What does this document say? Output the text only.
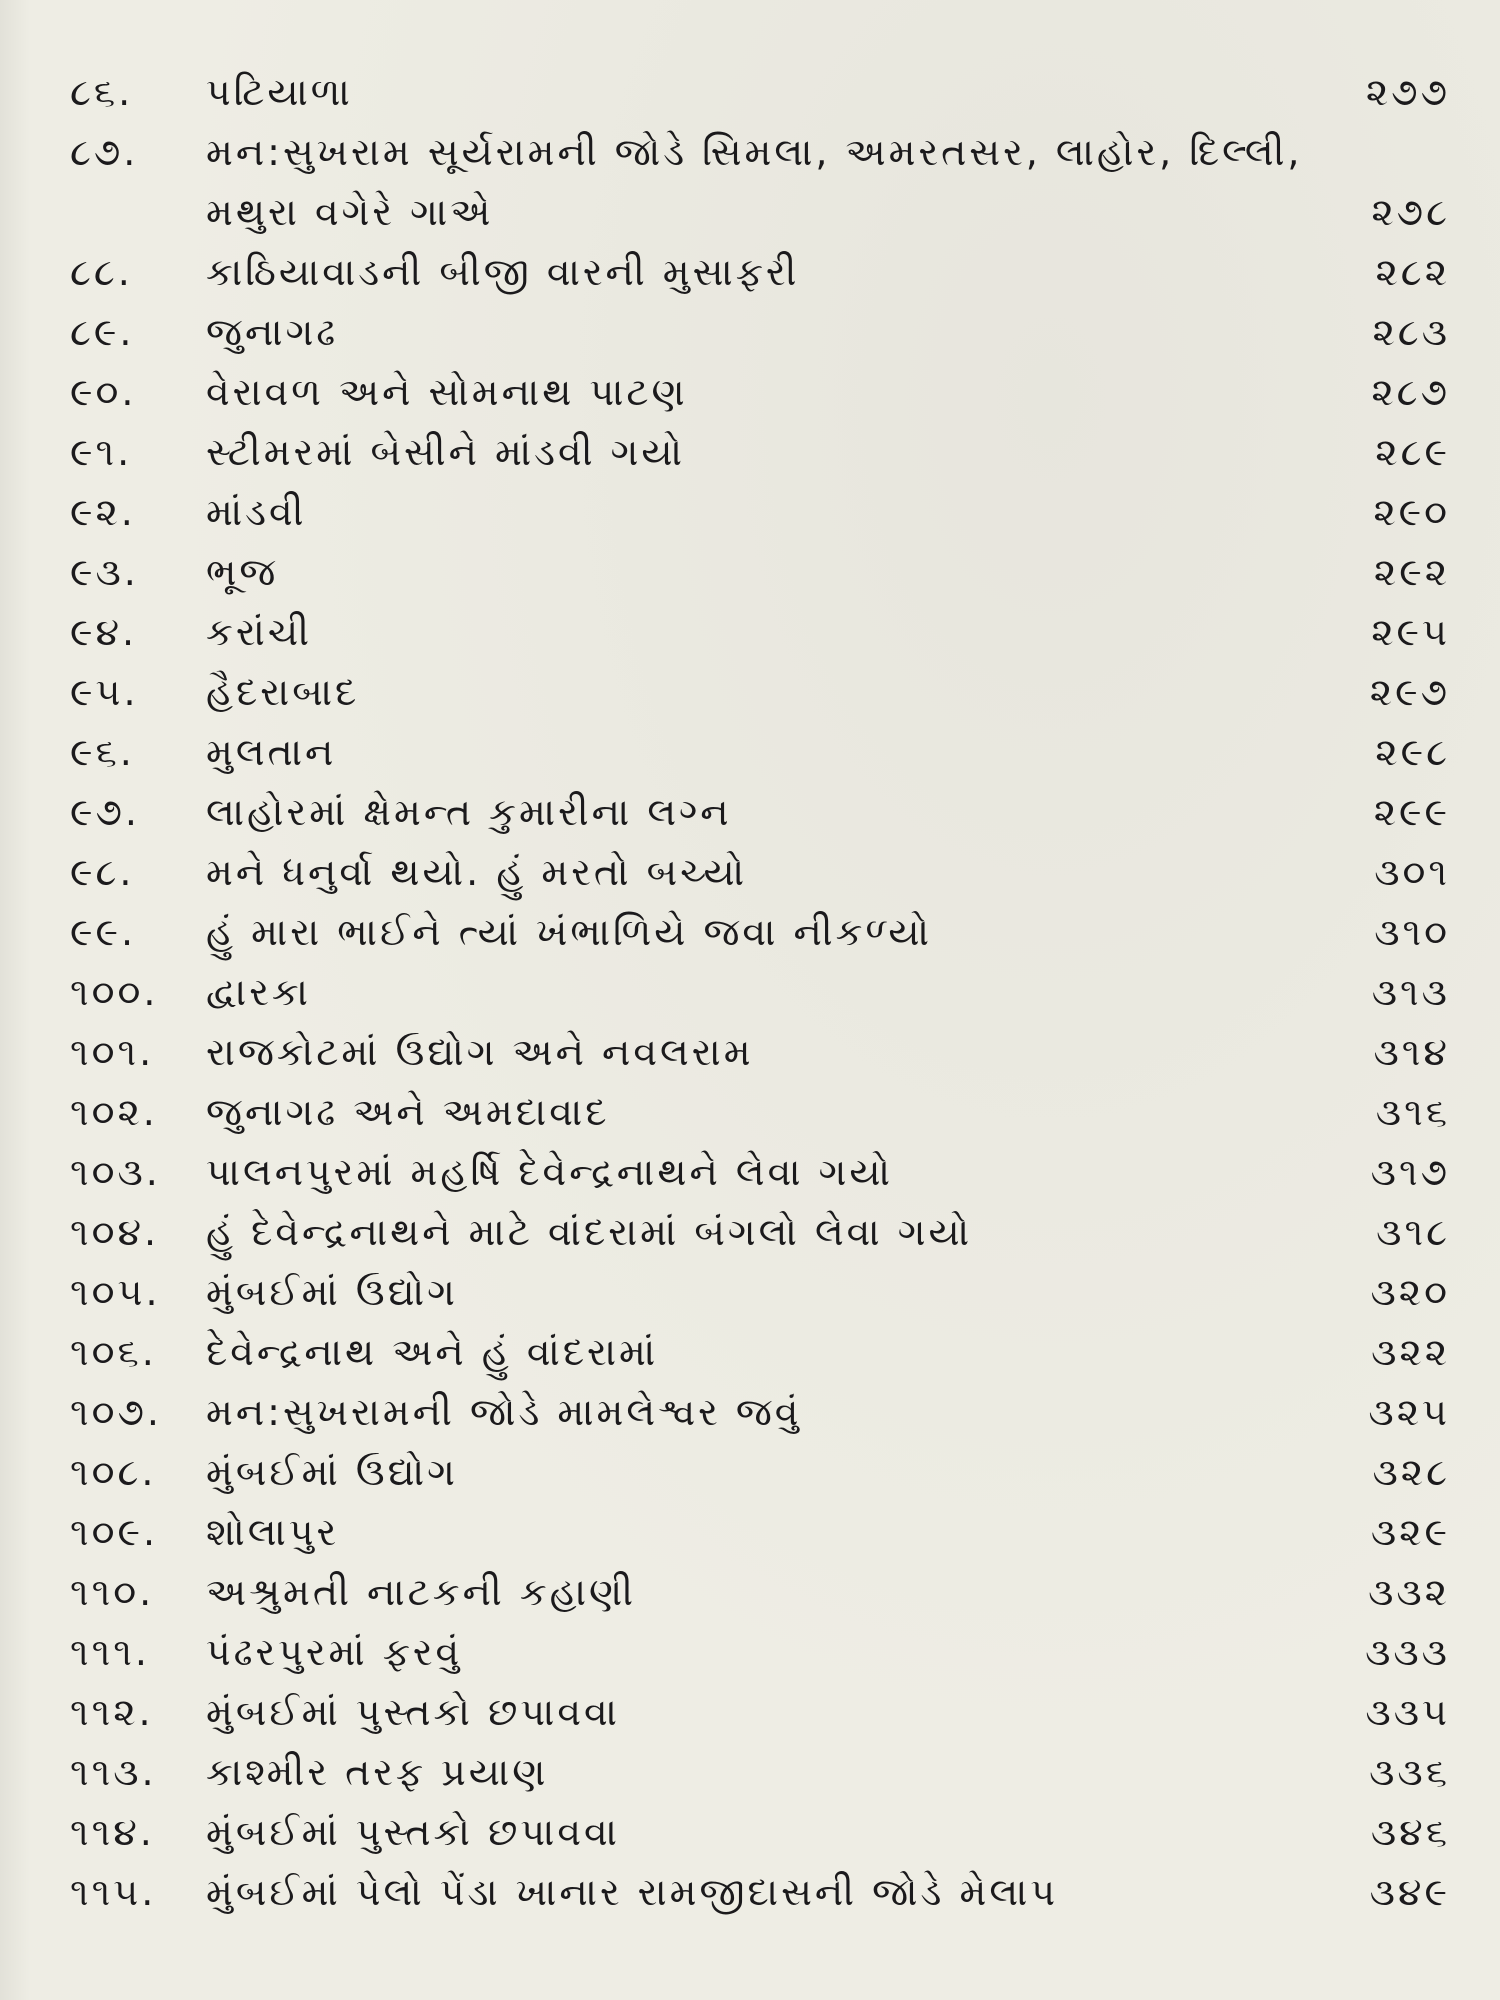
૮૬.	પટિયાળા	૨૭૭
૮૭.	મન:સુખરામ સૂર્યરામની જોડે સિમલા, અમરતસર, લાહોર, દિલ્લી, મથુરા વગેરે ગાએ	૨૭૮
૮૮.	કાઠિયાવાડની બીજી વારની મુસાફરી	૨૮૨
૮૯.	જુનાગઢ	૨૮૩
૯૦.	વેરાવળ અને સોમનાથ પાટણ	૨૮૭
૯૧.	સ્ટીમરમાં બેસીને માંડવી ગયો	૨૮૯
૯૨.	માંડવી	૨૯૦
૯૩.	ભૂજ	૨૯૨
૯૪.	કરાંચી	૨૯૫
૯૫.	હૈદરાબાદ	૨૯૭
૯૬.	મુલતાન	૨૯૮
૯૭.	લાહોરમાં ક્ષેમન્ત કુમારીના લગ્ન	૨૯૯
૯૮.	મને ધનુર્વા થયો. હું મરતો બચ્યો	૩૦૧
૯૯.	હું મારા ભાઈને ત્યાં ખંભાળિયે જવા નીકળ્યો	૩૧૦
૧૦૦.	દ્વારકા	૩૧૩
૧૦૧.	રાજકોટમાં ઉદ્યોગ અને નવલરામ	૩૧૪
૧૦૨.	જુનાગઢ અને અમદાવાદ	૩૧૬
૧૦૩.	પાલનપુરમાં મહર્ષિ દેવેન્દ્રનાથને લેવા ગયો	૩૧૭
૧૦૪.	હું દેવેન્દ્રનાથને માટે વાંદરામાં બંગલો લેવા ગયો	૩૧૮
૧૦૫.	મુંબઈમાં ઉદ્યોગ	૩૨૦
૧૦૬.	દેવેન્દ્રનાથ અને હું વાંદરામાં	૩૨૨
૧૦૭.	મન:સુખરામની જોડે મામલેશ્વર જવું	૩૨૫
૧૦૮.	મુંબઈમાં ઉદ્યોગ	૩૨૮
૧૦૯.	શોલાપુર	૩૨૯
૧૧૦.	અશ્રુમતી નાટકની કહાણી	૩૩૨
૧૧૧.	પંઢરપુરમાં ફરવું	૩૩૩
૧૧૨.	મુંબઈમાં પુસ્તકો છપાવવા	૩૩૫
૧૧૩.	કાશ્મીર તરફ પ્રયાણ	૩૩૬
૧૧૪.	મુંબઈમાં પુસ્તકો છપાવવા	૩૪૬
૧૧૫.	મુંબઈમાં પેલો પેંડા ખાનાર રામજીદાસની જોડે મેલાપ	૩૪૯
